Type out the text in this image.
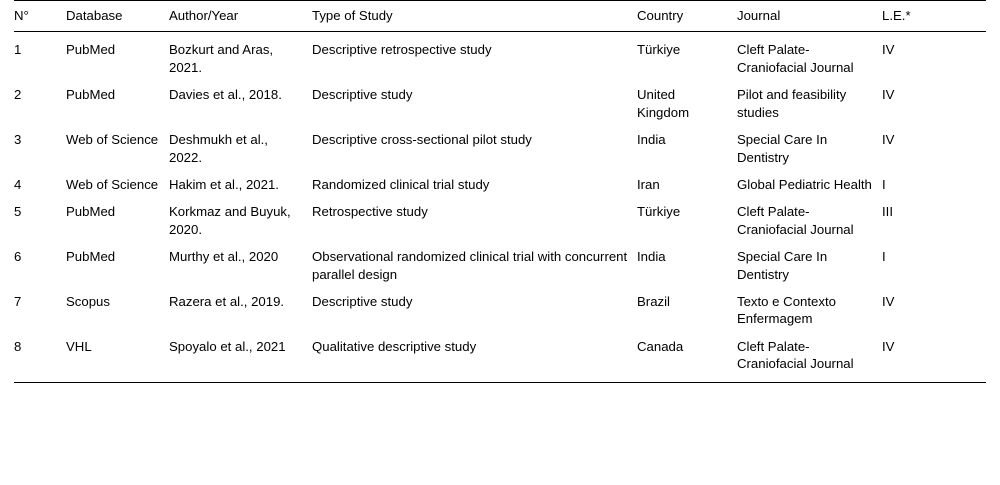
N°	Database	Author/Year	Type of Study	Country	Journal	L.E.*
1	PubMed	Bozkurt and Aras, 2021.	Descriptive retrospective study	Türkiye	Cleft Palate-Craniofacial Journal	IV
2	PubMed	Davies et al., 2018.	Descriptive study	United Kingdom	Pilot and feasibility studies	IV
3	Web of Science	Deshmukh et al., 2022.	Descriptive cross-sectional pilot study	India	Special Care In Dentistry	IV
4	Web of Science	Hakim et al., 2021.	Randomized clinical trial study	Iran	Global Pediatric Health	I
5	PubMed	Korkmaz and Buyuk, 2020.	Retrospective study	Türkiye	Cleft Palate-Craniofacial Journal	III
6	PubMed	Murthy et al., 2020	Observational randomized clinical trial with concurrent parallel design	India	Special Care In Dentistry	I
7	Scopus	Razera et al., 2019.	Descriptive study	Brazil	Texto e Contexto Enfermagem	IV
8	VHL	Spoyalo et al., 2021	Qualitative descriptive study	Canada	Cleft Palate-Craniofacial Journal	IV
